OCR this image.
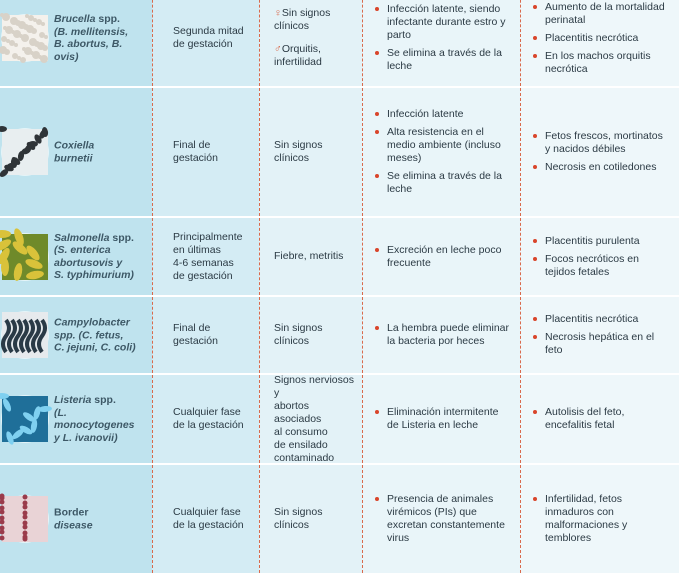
Brucella spp.
(B. mellitensis,
B. abortus, B. ovis)
Segunda mitad
de gestación
♀ Sin signos
clínicos
♂ Orquitis,
infertilidad
Infección latente, siendo infectante durante estro y parto
Se elimina a través de la leche
Aumento de la mortalidad perinatal
Placentitis necrótica
En los machos orquitis necrótica
Coxiella
burnetii
Final de gestación
Sin signos clínicos
Infección latente
Alta resistencia en el medio ambiente (incluso meses)
Se elimina a través de la leche
Fetos frescos, mortinatos y nacidos débiles
Necrosis en cotiledones
Salmonella spp.
(S. enterica
abortusovis y
S. typhimurium)
Principalmente
en últimas
4-6 semanas
de gestación
Fiebre, metritis
Excreción en leche poco frecuente
Placentitis purulenta
Focos necróticos en tejidos fetales
Campylobacter
spp. (C. fetus,
C. jejuni, C. coli)
Final de gestación
Sin signos clínicos
La hembra puede eliminar la bacteria por heces
Placentitis necrótica
Necrosis hepática en el feto
Listeria spp.
(L. monocytogenes
y L. ivanovii)
Cualquier fase
de la gestación
Signos nerviosos y
abortos asociados
al consumo
de ensilado
contaminado
Eliminación intermitente de Listeria en leche
Autolisis del feto, encefalitis fetal
Border
disease
Cualquier fase
de la gestación
Sin signos clínicos
Presencia de animales virémicos (PIs) que excretan constantemente virus
Infertilidad, fetos inmaduros con malformaciones y temblores
